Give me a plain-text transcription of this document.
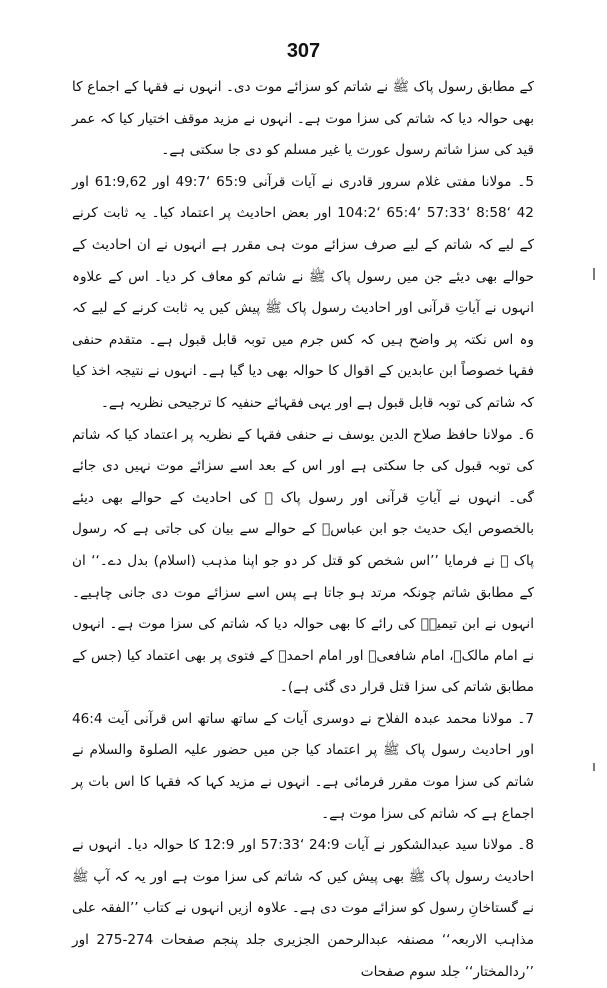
307

کے مطابق رسول پاک ﷺ نے شاتم کو سزائے موت دی۔ انہوں نے فقہا کے اجماع کا بھی حوالہ دیا کہ شاتم کی سزا موت ہے۔ انہوں نے مزید موقف اختیار کیا کہ عمر قید کی سزا شاتم رسول عورت یا غیر مسلم کو دی جا سکتی ہے۔

5۔ مولانا مفتی غلام سرور قادری نے آیات قرآنی 65:9 ‘49:7 اور 61:9,62 اور 42 ‘8:58 ‘57:33 ‘65:4 ‘104:2 اور بعض احادیث پر اعتماد کیا۔ یہ ثابت کرنے کے لیے کہ شاتم کے لیے صرف سزائے موت ہی مقرر ہے انہوں نے ان احادیث کے حوالے بھی دیئے جن میں رسول پاک ﷺ نے شاتم کو معاف کر دیا۔ اس کے علاوہ انہوں نے آیاتِ قرآنی اور احادیث رسول پاک ﷺ پیش کیں یہ ثابت کرنے کے لیے کہ وہ اس نکتہ پر واضح ہیں کہ کس جرم میں توبہ قابل قبول ہے۔ متقدم حنفی فقہا خصوصاً ابن عابدین کے اقوال کا حوالہ بھی دیا گیا ہے۔ انہوں نے نتیجہ اخذ کیا کہ شاتم کی توبہ قابل قبول ہے اور یہی فقہائے حنفیہ کا ترجیحی نظریہ ہے۔

6۔ مولانا حافظ صلاح الدین یوسف نے حنفی فقہا کے نظریہ پر اعتماد کیا کہ شاتم کی توبہ قبول کی جا سکتی ہے اور اس کے بعد اسے سزائے موت نہیں دی جائے گی۔ انہوں نے آیاتِ قرآنی اور رسول پاک ﷺ کی احادیث کے حوالے بھی دیئے بالخصوص ایک حدیث جو ابن عباسؓ کے حوالے سے بیان کی جاتی ہے کہ رسول پاک ﷺ نے فرمایا ’’اس شخص کو قتل کر دو جو اپنا مذہب (اسلام) بدل دے۔‘‘ ان کے مطابق شاتم چونکہ مرتد ہو جاتا ہے پس اسے سزائے موت دی جانی چاہیے۔ انہوں نے ابن تیمیہؒ کی رائے کا بھی حوالہ دیا کہ شاتم کی سزا موت ہے۔ انہوں نے امام مالکؒ، امام شافعیؒ اور امام احمدؒ کے فتوی پر بھی اعتماد کیا (جس کے مطابق شاتم کی سزا قتل قرار دی گئی ہے)۔

7۔ مولانا محمد عبدہ الفلاح نے دوسری آیات کے ساتھ ساتھ اس قرآنی آیت 46:4 اور احادیث رسول پاک ﷺ پر اعتماد کیا جن میں حضور علیہ الصلوۃ والسلام نے شاتم کی سزا موت مقرر فرمائی ہے۔ انہوں نے مزید کہا کہ فقہا کا اس بات پر اجماع ہے کہ شاتم کی سزا موت ہے۔

8۔ مولانا سید عبدالشکور نے آیات 24:9 ‘57:33 اور 12:9 کا حوالہ دیا۔ انہوں نے احادیث رسول پاک ﷺ بھی پیش کیں کہ شاتم کی سزا موت ہے اور یہ کہ آپ ﷺ نے گستاخانِ رسول کو سزائے موت دی ہے۔ علاوہ ازیں انہوں نے کتاب ’’الفقہ علی مذاہب الاربعہ‘‘ مصنفہ عبدالرحمن الجزیری جلد پنجم صفحات 274-275 اور ’’ردالمختار‘‘ جلد سوم صفحات
